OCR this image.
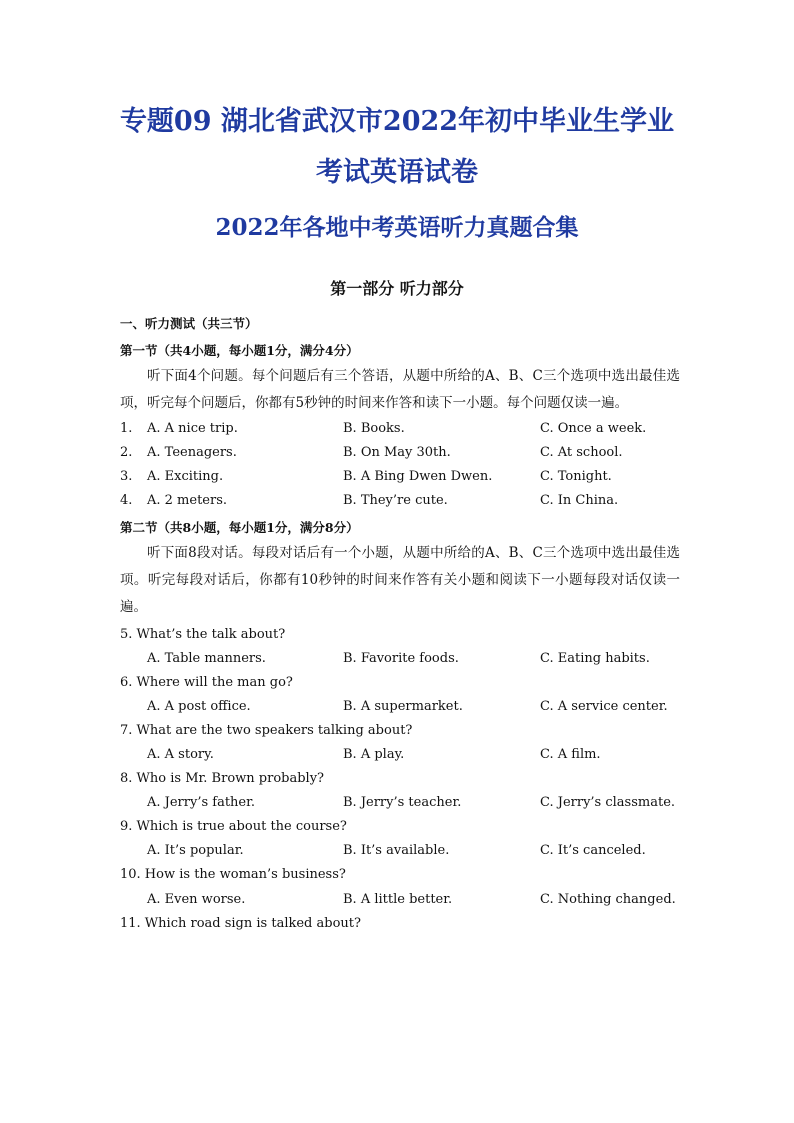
专题09 湖北省武汉市2022年初中毕业生学业
考试英语试卷
2022年各地中考英语听力真题合集
第一部分 听力部分
一、听力测试（共三节）
第一节（共4小题，每小题1分，满分4分）
听下面4个问题。每个问题后有三个答语，从题中所给的A、B、C三个选项中选出最佳选项，听完每个问题后，你都有5秒钟的时间来作答和读下一小题。每个问题仅读一遍。
1. A. A nice trip.	B. Books.	C. Once a week.
2. A. Teenagers.	B. On May 30th.	C. At school.
3. A. Exciting.	B. A Bing Dwen Dwen.	C. Tonight.
4. A. 2 meters.	B. They’re cute.	C. In China.
第二节（共8小题，每小题1分，满分8分）
听下面8段对话。每段对话后有一个小题，从题中所给的A、B、C三个选项中选出最佳选项。听完每段对话后，你都有10秒钟的时间来作答有关小题和阅读下一小题每段对话仅读一遍。
5. What’s the talk about?
A. Table manners.	B. Favorite foods.	C. Eating habits.
6. Where will the man go?
A. A post office.	B. A supermarket.	C. A service center.
7. What are the two speakers talking about?
A. A story.	B. A play.	C. A film.
8. Who is Mr. Brown probably?
A. Jerry’s father.	B. Jerry’s teacher.	C. Jerry’s classmate.
9. Which is true about the course?
A. It’s popular.	B. It’s available.	C. It’s canceled.
10. How is the woman’s business?
A. Even worse.	B. A little better.	C. Nothing changed.
11. Which road sign is talked about?
